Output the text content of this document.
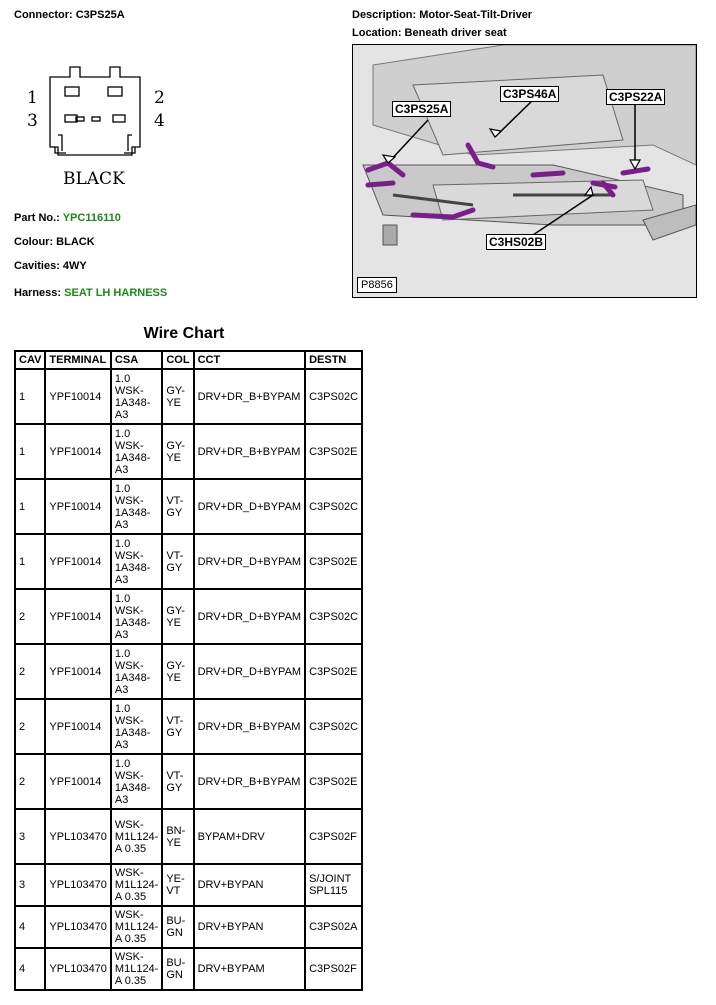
Connector: C3PS25A	Description: Motor-Seat-Tilt-Driver
Location: Beneath driver seat
1
3
2
4
BLACK
Part No.: YPC116110
Colour: BLACK
Cavities: 4WY
Harness: SEAT LH HARNESS
C3PS25A
C3PS46A	C3PS22A
C3HS02B
P8856
Wire Chart
CAV	TERMINAL	CSA	COL	CCT	DESTN
1	YPF10014	1.0 WSK-1A348-A3	GY-YE	DRV+DR_B+BYPAM	C3PS02C
1	YPF10014	1.0 WSK-1A348-A3	GY-YE	DRV+DR_B+BYPAM	C3PS02E
1	YPF10014	1.0 WSK-1A348-A3	VT-GY	DRV+DR_D+BYPAM	C3PS02C
1	YPF10014	1.0 WSK-1A348-A3	VT-GY	DRV+DR_D+BYPAM	C3PS02E
2	YPF10014	1.0 WSK-1A348-A3	GY-YE	DRV+DR_D+BYPAM	C3PS02C
2	YPF10014	1.0 WSK-1A348-A3	GY-YE	DRV+DR_D+BYPAM	C3PS02E
2	YPF10014	1.0 WSK-1A348-A3	VT-GY	DRV+DR_B+BYPAM	C3PS02C
2	YPF10014	1.0 WSK-1A348-A3	VT-GY	DRV+DR_B+BYPAM	C3PS02E
3	YPL103470	WSK-M1L124-A 0.35	BN-YE	BYPAM+DRV	C3PS02F
3	YPL103470	WSK-M1L124-A 0.35	YE-VT	DRV+BYPAN	S/JOINT SPL115
4	YPL103470	WSK-M1L124-A 0.35	BU-GN	DRV+BYPAN	C3PS02A
4	YPL103470	WSK-M1L124-A 0.35	BU-GN	DRV+BYPAM	C3PS02F
